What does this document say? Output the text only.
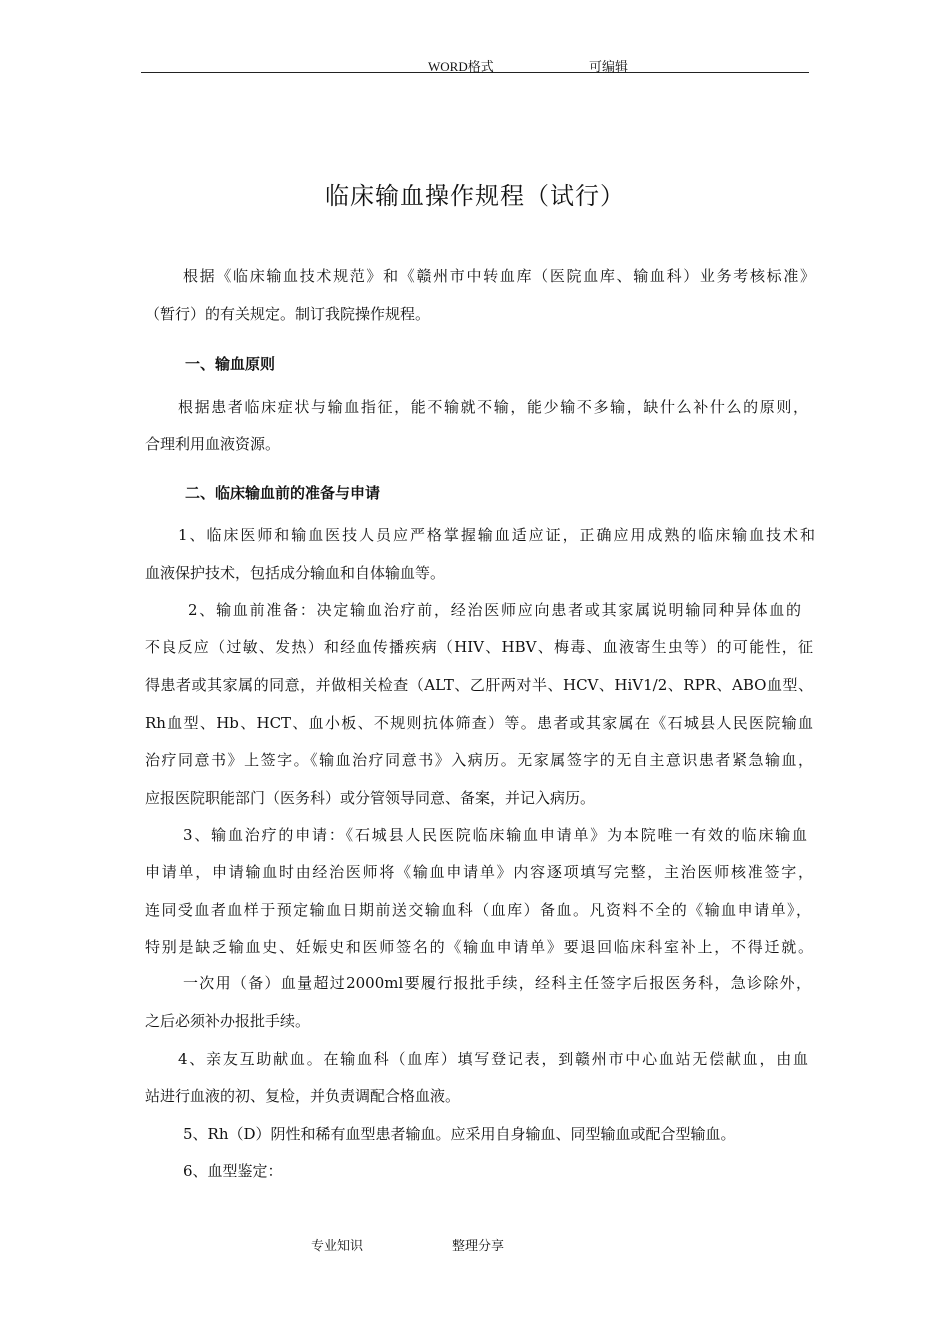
WORD格式	可编辑
临床输血操作规程（试行）
根据《临床输血技术规范》和《赣州市中转血库（医院血库、输血科）业务考核标准》
（暂行）的有关规定。制订我院操作规程。
一、输血原则
根据患者临床症状与输血指征，能不输就不输，能少输不多输，缺什么补什么的原则，
合理利用血液资源。
二、临床输血前的准备与申请
1、临床医师和输血医技人员应严格掌握输血适应证，正确应用成熟的临床输血技术和
血液保护技术，包括成分输血和自体输血等。
2、输血前准备：决定输血治疗前，经治医师应向患者或其家属说明输同种异体血的
不良反应（过敏、发热）和经血传播疾病（HIV、HBV、梅毒、血液寄生虫等）的可能性，征
得患者或其家属的同意，并做相关检查（ALT、乙肝两对半、HCV、HiV1/2、RPR、ABO血型、
Rh血型、Hb、HCT、血小板、不规则抗体筛查）等。患者或其家属在《石城县人民医院输血
治疗同意书》上签字。《输血治疗同意书》入病历。无家属签字的无自主意识患者紧急输血，
应报医院职能部门（医务科）或分管领导同意、备案，并记入病历。
3、输血治疗的申请：《石城县人民医院临床输血申请单》为本院唯一有效的临床输血
申请单，申请输血时由经治医师将《输血申请单》内容逐项填写完整，主治医师核准签字，
连同受血者血样于预定输血日期前送交输血科（血库）备血。凡资料不全的《输血申请单》，
特别是缺乏输血史、妊娠史和医师签名的《输血申请单》要退回临床科室补上，不得迁就。
一次用（备）血量超过2000ml要履行报批手续，经科主任签字后报医务科，急诊除外，
之后必须补办报批手续。
4、亲友互助献血。在输血科（血库）填写登记表，到赣州市中心血站无偿献血，由血
站进行血液的初、复检，并负责调配合格血液。
5、Rh（D）阴性和稀有血型患者输血。应采用自身输血、同型输血或配合型输血。
6、血型鉴定：
专业知识	整理分享
